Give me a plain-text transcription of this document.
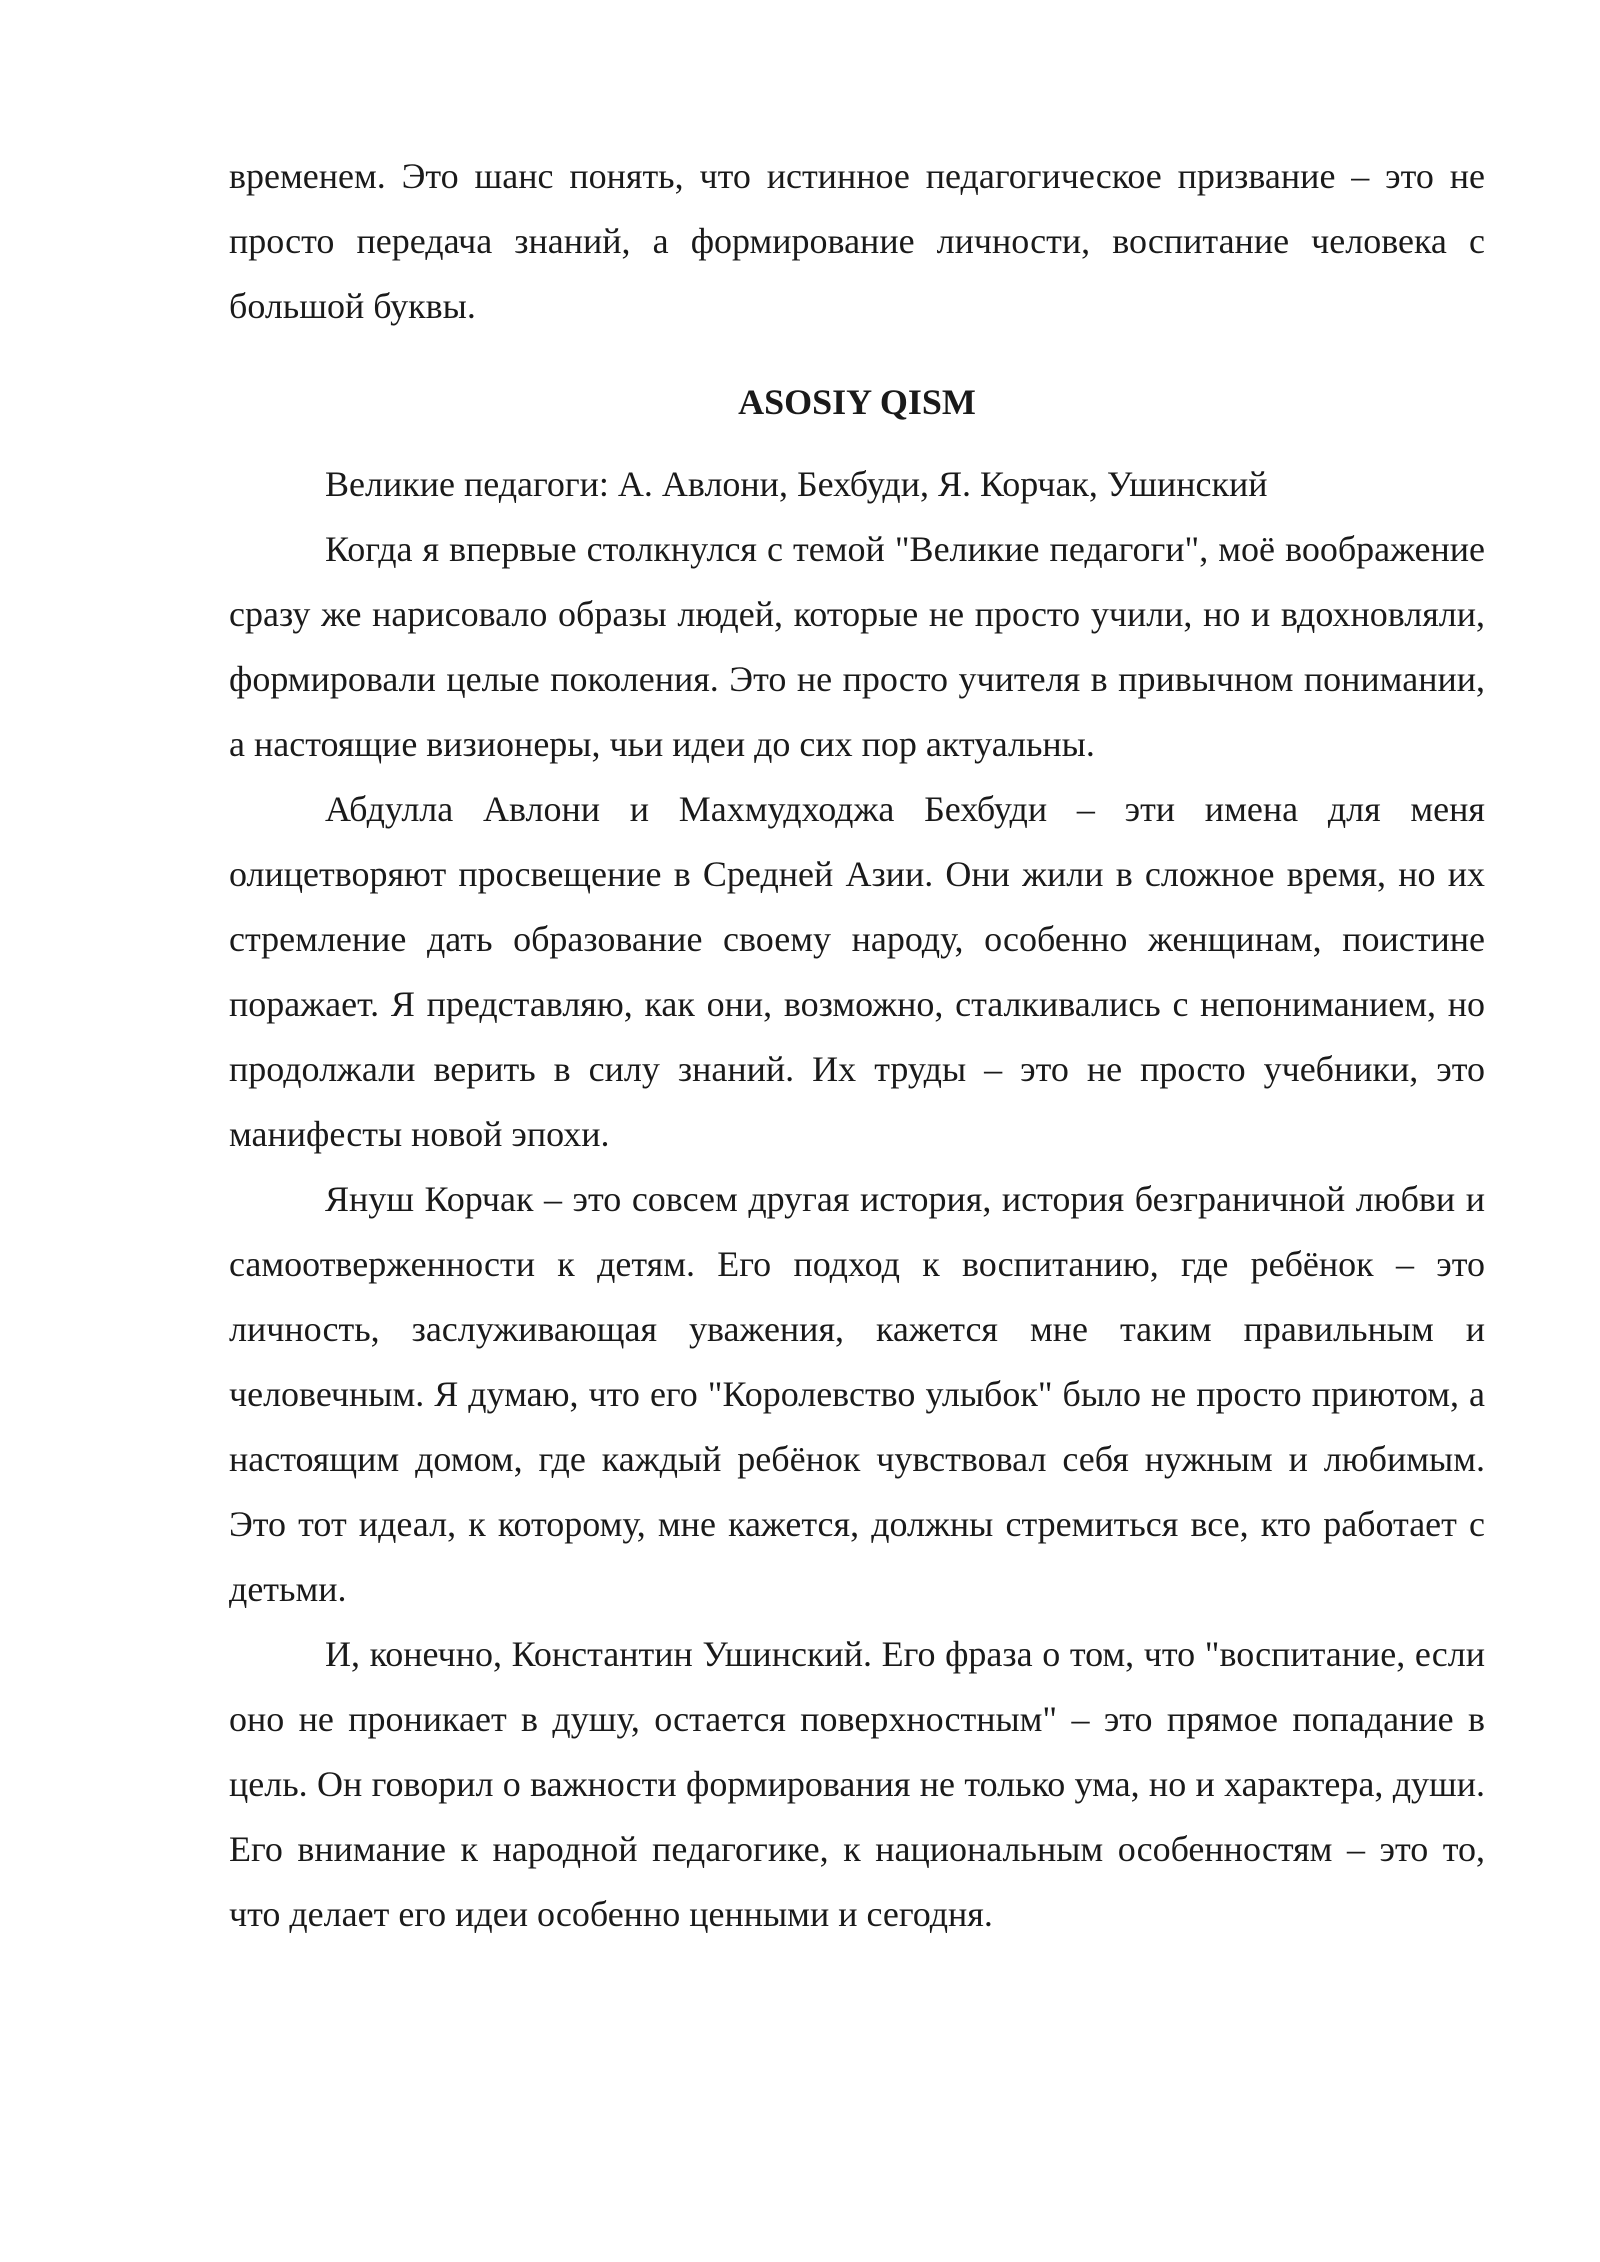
временем. Это шанс понять, что истинное педагогическое призвание – это не просто передача знаний, а формирование личности, воспитание человека с большой буквы.

ASOSIY QISM

Великие педагоги: А. Авлони, Бехбуди, Я. Корчак, Ушинский

Когда я впервые столкнулся с темой "Великие педагоги", моё воображение сразу же нарисовало образы людей, которые не просто учили, но и вдохновляли, формировали целые поколения. Это не просто учителя в привычном понимании, а настоящие визионеры, чьи идеи до сих пор актуальны.

Абдулла Авлони и Махмудходжа Бехбуди – эти имена для меня олицетворяют просвещение в Средней Азии. Они жили в сложное время, но их стремление дать образование своему народу, особенно женщинам, поистине поражает. Я представляю, как они, возможно, сталкивались с непониманием, но продолжали верить в силу знаний. Их труды – это не просто учебники, это манифесты новой эпохи.

Януш Корчак – это совсем другая история, история безграничной любви и самоотверженности к детям. Его подход к воспитанию, где ребёнок – это личность, заслуживающая уважения, кажется мне таким правильным и человечным. Я думаю, что его "Королевство улыбок" было не просто приютом, а настоящим домом, где каждый ребёнок чувствовал себя нужным и любимым. Это тот идеал, к которому, мне кажется, должны стремиться все, кто работает с детьми.

И, конечно, Константин Ушинский. Его фраза о том, что "воспитание, если оно не проникает в душу, остается поверхностным" – это прямое попадание в цель. Он говорил о важности формирования не только ума, но и характера, души. Его внимание к народной педагогике, к национальным особенностям – это то, что делает его идеи особенно ценными и сегодня.
